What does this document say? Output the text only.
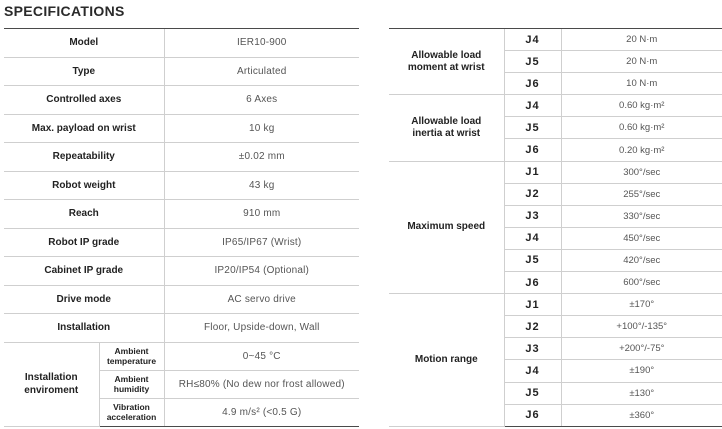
SPECIFICATIONS
Model		IER10-900
Type		Articulated
Controlled axes		6 Axes
Max. payload on wrist		10 kg
Repeatability		±0.02 mm
Robot weight		43 kg
Reach		910 mm
Robot IP grade		IP65/IP67 (Wrist)
Cabinet IP grade		IP20/IP54 (Optional)
Drive mode		AC servo drive
Installation		Floor, Upside-down, Wall
Installation enviroment	Ambient temperature	0~45 °C
	Ambient humidity	RH≤80% (No dew nor frost allowed)
	Vibration acceleration	4.9 m/s² (<0.5 G)
Allowable load moment at wrist	J4	20 N·m
	J5	20 N·m
	J6	10 N·m
Allowable load inertia at wrist	J4	0.60 kg·m²
	J5	0.60 kg·m²
	J6	0.20 kg·m²
Maximum speed	J1	300°/sec
	J2	255°/sec
	J3	330°/sec
	J4	450°/sec
	J5	420°/sec
	J6	600°/sec
Motion range	J1	±170°
	J2	+100°/-135°
	J3	+200°/-75°
	J4	±190°
	J5	±130°
	J6	±360°
